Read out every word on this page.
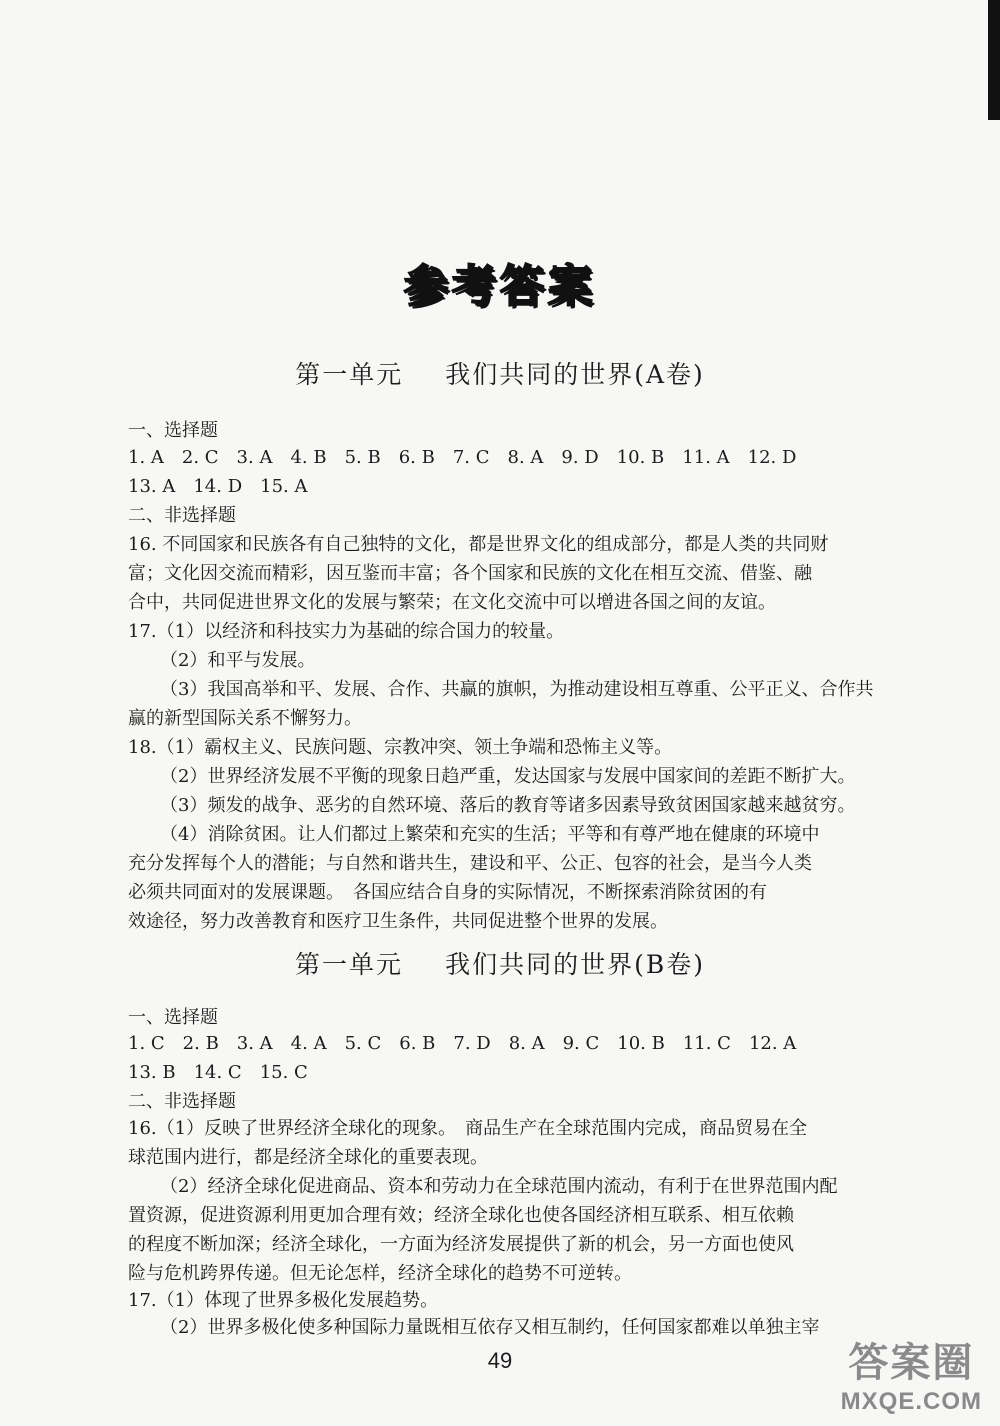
参考答案
第一单元 我们共同的世界(A卷)
一、选择题
1. A　2. C　3. A　4. B　5. B　6. B　7. C　8. A　9. D　10. B　11. A　12. D
13. A　14. D　15. A
二、非选择题
16. 不同国家和民族各有自己独特的文化，都是世界文化的组成部分，都是人类的共同财
富；文化因交流而精彩，因互鉴而丰富；各个国家和民族的文化在相互交流、借鉴、融
合中，共同促进世界文化的发展与繁荣；在文化交流中可以增进各国之间的友谊。
17.（1）以经济和科技实力为基础的综合国力的较量。
（2）和平与发展。
（3）我国高举和平、发展、合作、共赢的旗帜，为推动建设相互尊重、公平正义、合作共
赢的新型国际关系不懈努力。
18.（1）霸权主义、民族问题、宗教冲突、领土争端和恐怖主义等。
（2）世界经济发展不平衡的现象日趋严重，发达国家与发展中国家间的差距不断扩大。
（3）频发的战争、恶劣的自然环境、落后的教育等诸多因素导致贫困国家越来越贫穷。
（4）消除贫困。让人们都过上繁荣和充实的生活；平等和有尊严地在健康的环境中
充分发挥每个人的潜能；与自然和谐共生，建设和平、公正、包容的社会，是当今人类
必须共同面对的发展课题。　各国应结合自身的实际情况，不断探索消除贫困的有
效途径，努力改善教育和医疗卫生条件，共同促进整个世界的发展。
第一单元 我们共同的世界(B卷)
一、选择题
1. C　2. B　3. A　4. A　5. C　6. B　7. D　8. A　9. C　10. B　11. C　12. A
13. B　14. C　15. C
二、非选择题
16.（1）反映了世界经济全球化的现象。　商品生产在全球范围内完成，商品贸易在全
球范围内进行，都是经济全球化的重要表现。
（2）经济全球化促进商品、资本和劳动力在全球范围内流动，有利于在世界范围内配
置资源，促进资源利用更加合理有效；经济全球化也使各国经济相互联系、相互依赖
的程度不断加深；经济全球化，一方面为经济发展提供了新的机会，另一方面也使风
险与危机跨界传递。但无论怎样，经济全球化的趋势不可逆转。
17.（1）体现了世界多极化发展趋势。
（2）世界多极化使多种国际力量既相互依存又相互制约，任何国家都难以单独主宰
49	答案圈
MXQE.COM
